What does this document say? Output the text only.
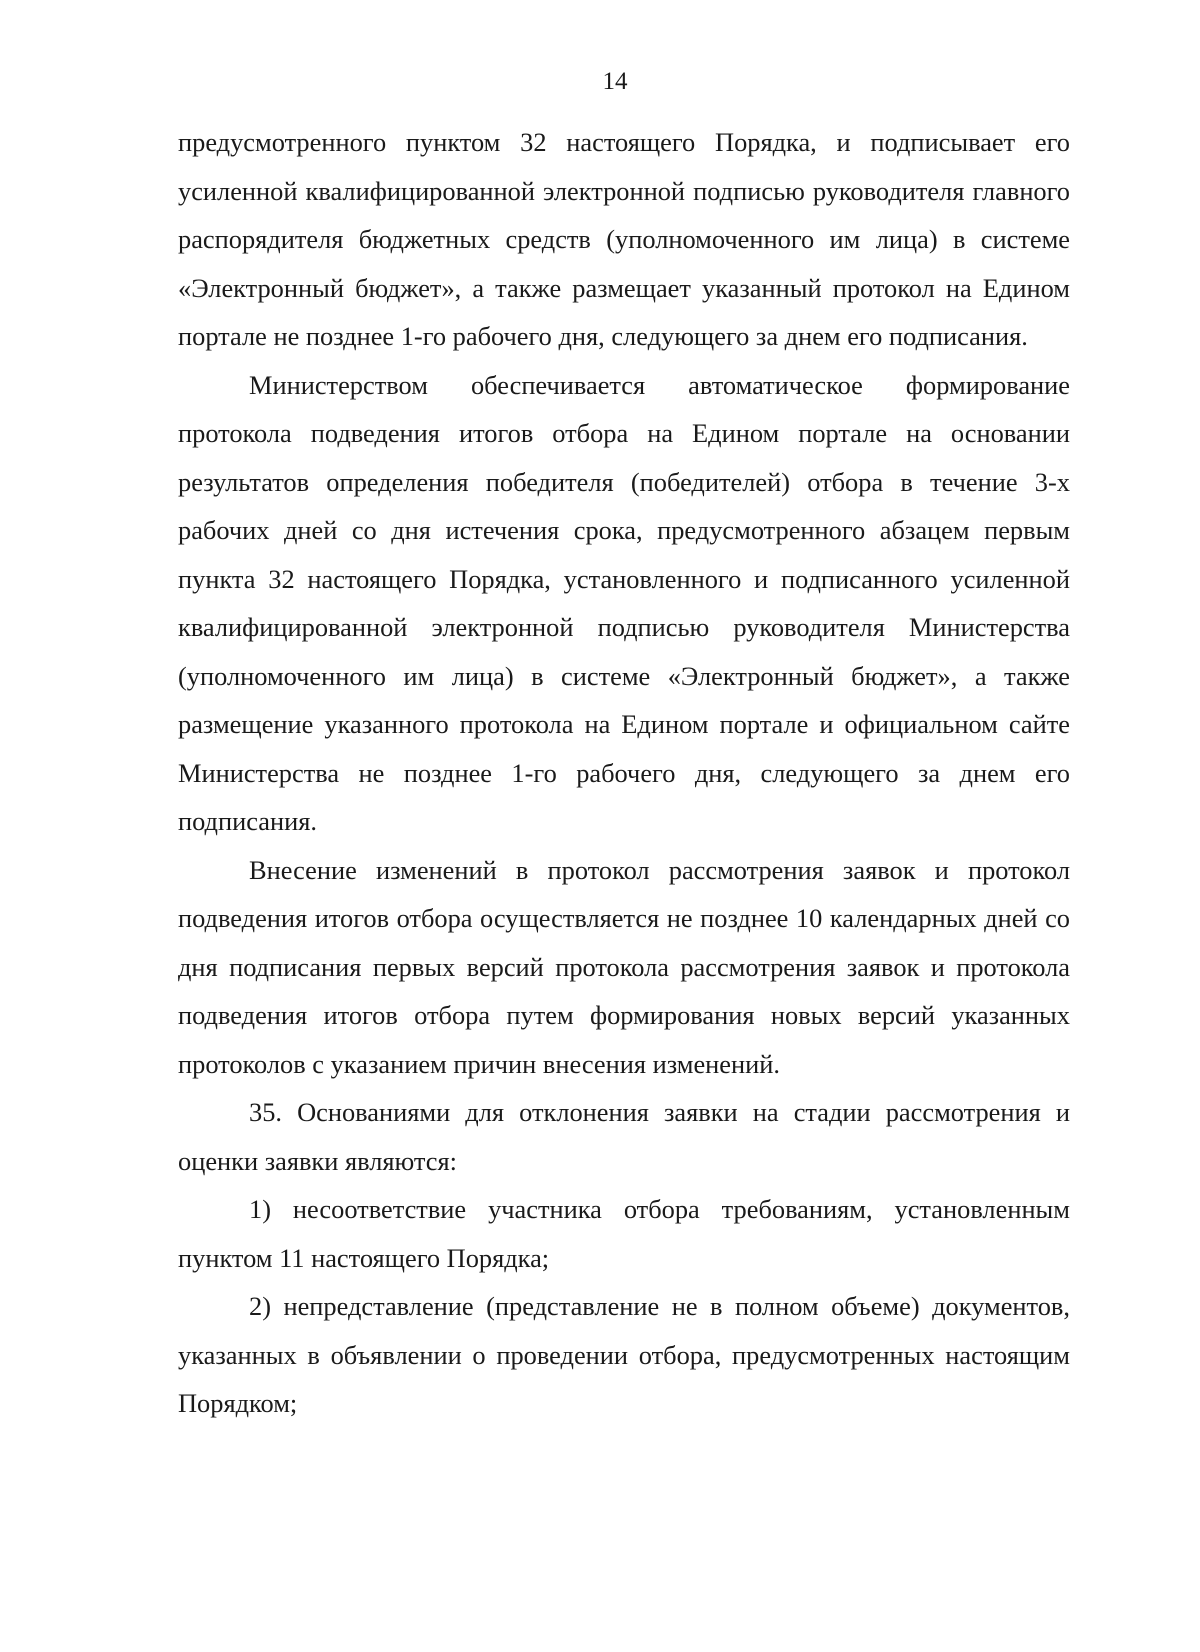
14

предусмотренного пунктом 32 настоящего Порядка, и подписывает его усиленной квалифицированной электронной подписью руководителя главного распорядителя бюджетных средств (уполномоченного им лица) в системе «Электронный бюджет», а также размещает указанный протокол на Едином портале не позднее 1-го рабочего дня, следующего за днем его подписания.

Министерством обеспечивается автоматическое формирование протокола подведения итогов отбора на Едином портале на основании результатов определения победителя (победителей) отбора в течение 3-х рабочих дней со дня истечения срока, предусмотренного абзацем первым пункта 32 настоящего Порядка, установленного и подписанного усиленной квалифицированной электронной подписью руководителя Министерства (уполномоченного им лица) в системе «Электронный бюджет», а также размещение указанного протокола на Едином портале и официальном сайте Министерства не позднее 1-го рабочего дня, следующего за днем его подписания.

Внесение изменений в протокол рассмотрения заявок и протокол подведения итогов отбора осуществляется не позднее 10 календарных дней со дня подписания первых версий протокола рассмотрения заявок и протокола подведения итогов отбора путем формирования новых версий указанных протоколов с указанием причин внесения изменений.

35. Основаниями для отклонения заявки на стадии рассмотрения и оценки заявки являются:

1) несоответствие участника отбора требованиям, установленным пунктом 11 настоящего Порядка;

2) непредставление (представление не в полном объеме) документов, указанных в объявлении о проведении отбора, предусмотренных настоящим Порядком;
